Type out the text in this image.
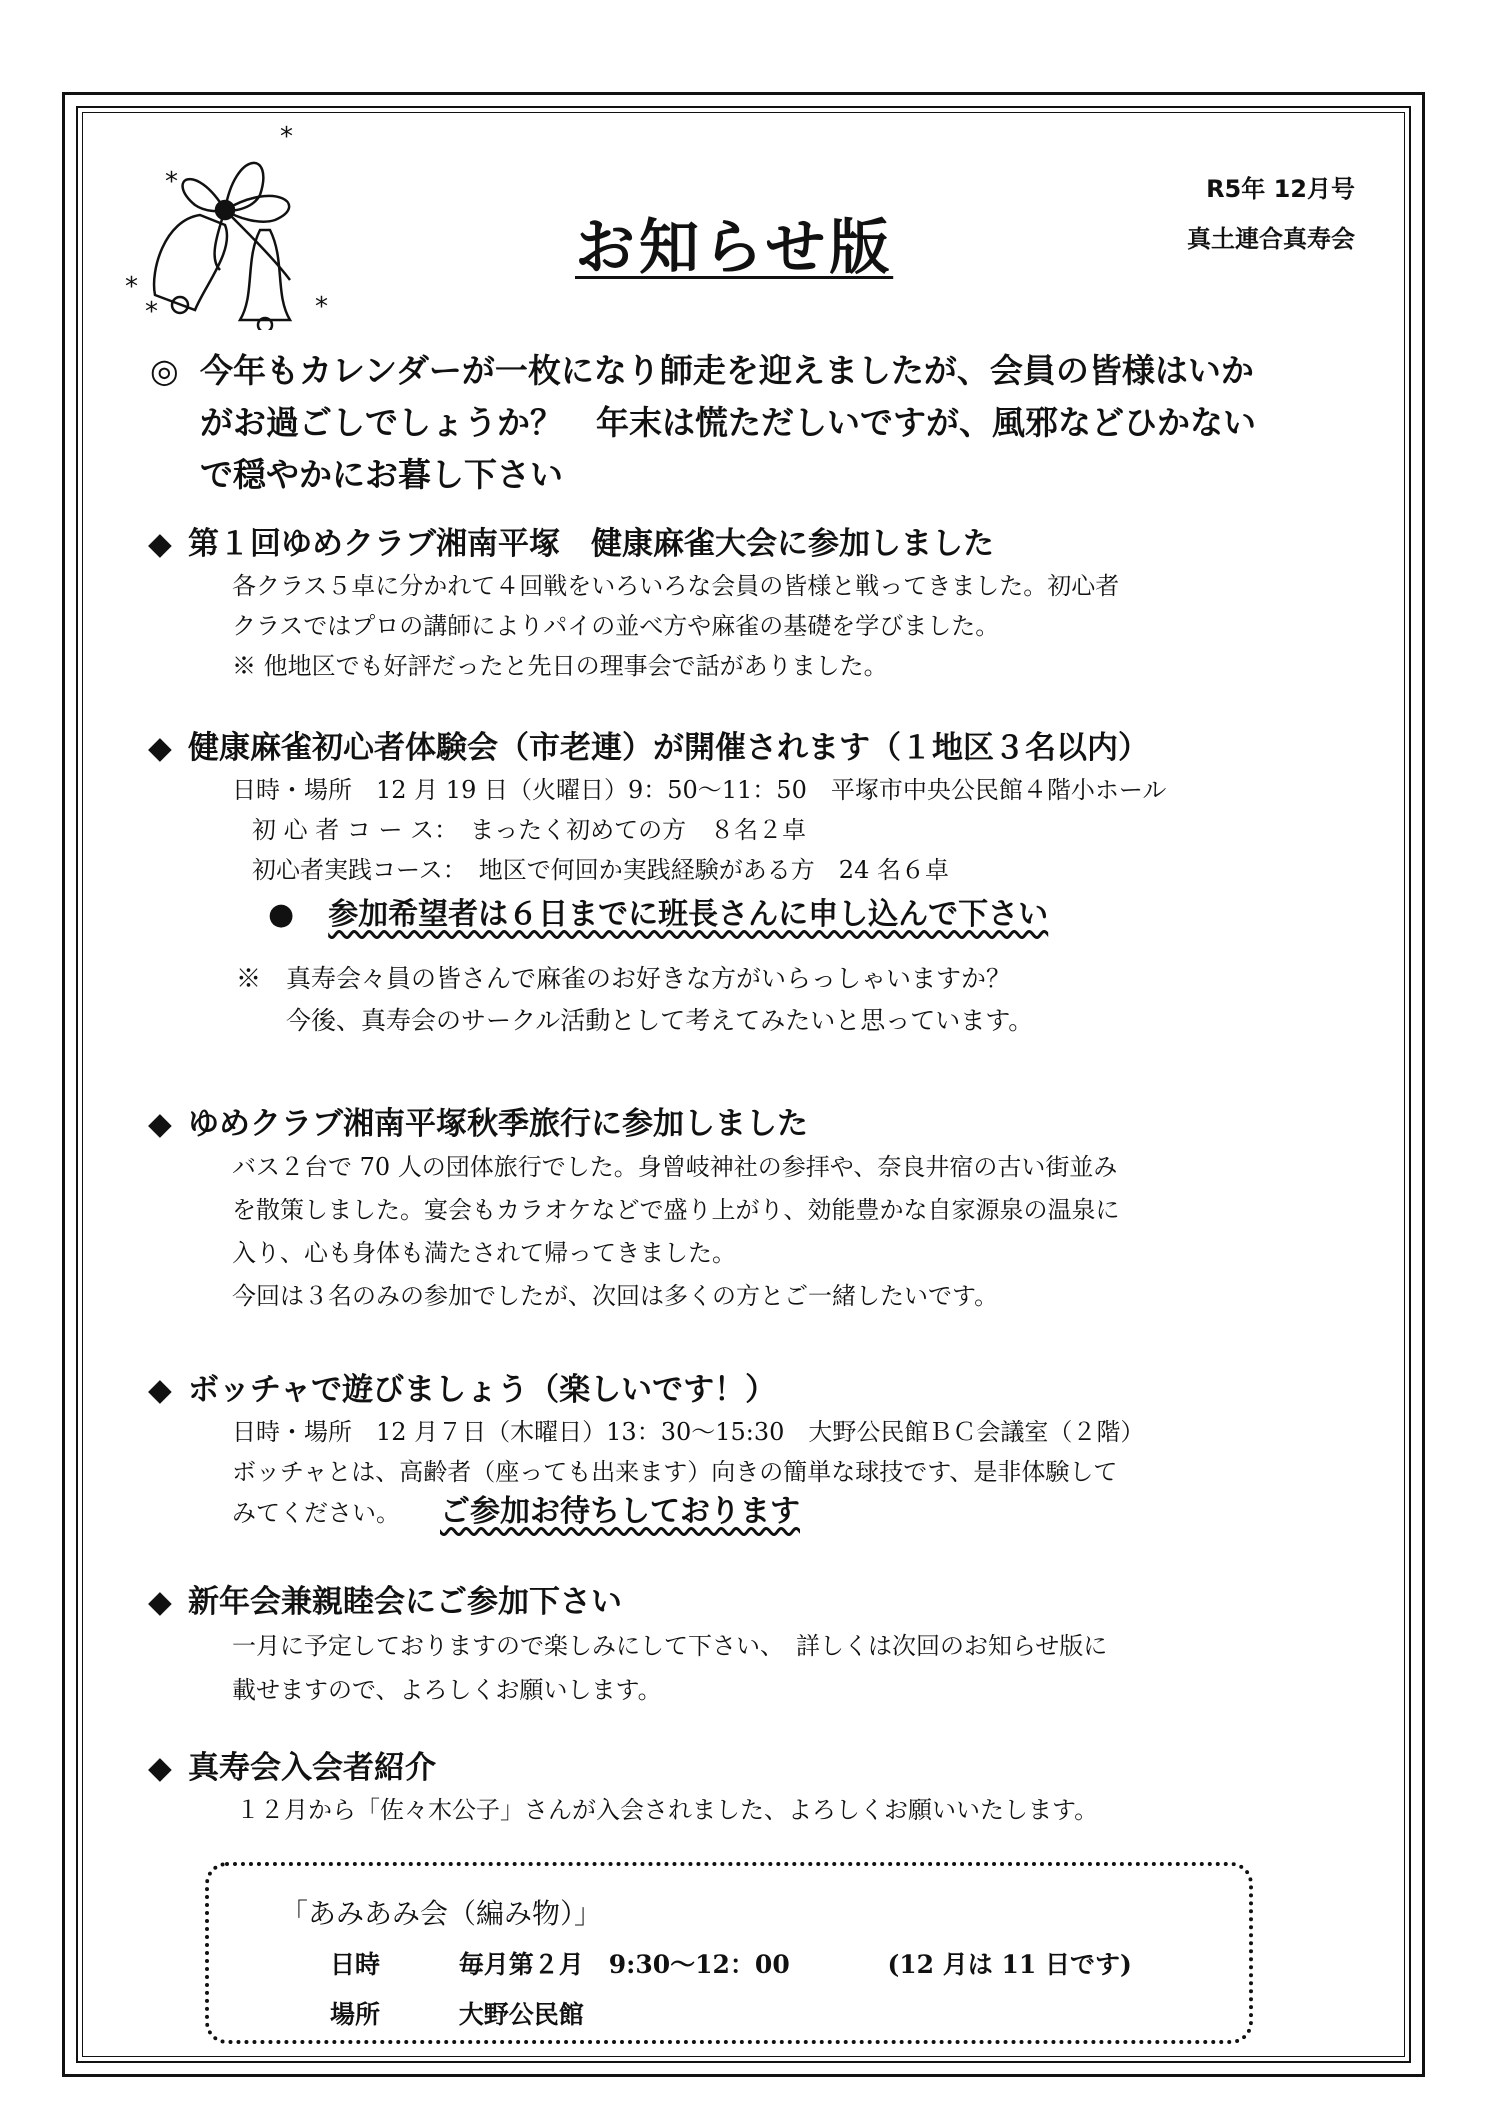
*
*
*
*	*
お知らせ版
R5年 12月号
真土連合真寿会
◎ 今年もカレンダーが一枚になり師走を迎えましたが、会員の皆様はいか
がお過ごしでしょうか？　年末は慌ただしいですが、風邪などひかない
で穏やかにお暮し下さい
◆ 第１回ゆめクラブ湘南平塚　健康麻雀大会に参加しました
各クラス５卓に分かれて４回戦をいろいろな会員の皆様と戦ってきました。初心者
クラスではプロの講師によりパイの並べ方や麻雀の基礎を学びました。
※ 他地区でも好評だったと先日の理事会で話がありました。
◆ 健康麻雀初心者体験会（市老連）が開催されます（１地区３名以内）
日時・場所　12 月 19 日（火曜日）9：50〜11：50　平塚市中央公民館４階小ホール
初 心 者 コ ー ス：　まったく初めての方　８名２卓
初心者実践コース：　地区で何回か実践経験がある方　24 名６卓
● 参加希望者は６日までに班長さんに申し込んで下さい
※　真寿会々員の皆さんで麻雀のお好きな方がいらっしゃいますか？
　　今後、真寿会のサークル活動として考えてみたいと思っています。
◆ ゆめクラブ湘南平塚秋季旅行に参加しました
バス２台で 70 人の団体旅行でした。身曾岐神社の参拝や、奈良井宿の古い街並み
を散策しました。宴会もカラオケなどで盛り上がり、効能豊かな自家源泉の温泉に
入り、心も身体も満たされて帰ってきました。
今回は３名のみの参加でしたが、次回は多くの方とご一緒したいです。
◆ ボッチャで遊びましょう（楽しいです！）
日時・場所　12 月７日（木曜日）13：30〜15:30　大野公民館ＢＣ会議室（２階）
ボッチャとは、高齢者（座っても出来ます）向きの簡単な球技です、是非体験して
みてください。 ご参加お待ちしております
◆ 新年会兼親睦会にご参加下さい
一月に予定しておりますので楽しみにして下さい、　詳しくは次回のお知らせ版に
載せますので、よろしくお願いします。
◆ 真寿会入会者紹介
１２月から「佐々木公子」さんが入会されました、よろしくお願いいたします。
「あみあみ会（編み物）」
日時	毎月第２月　9:30〜12：00	(12 月は 11 日です)
場所	大野公民館
